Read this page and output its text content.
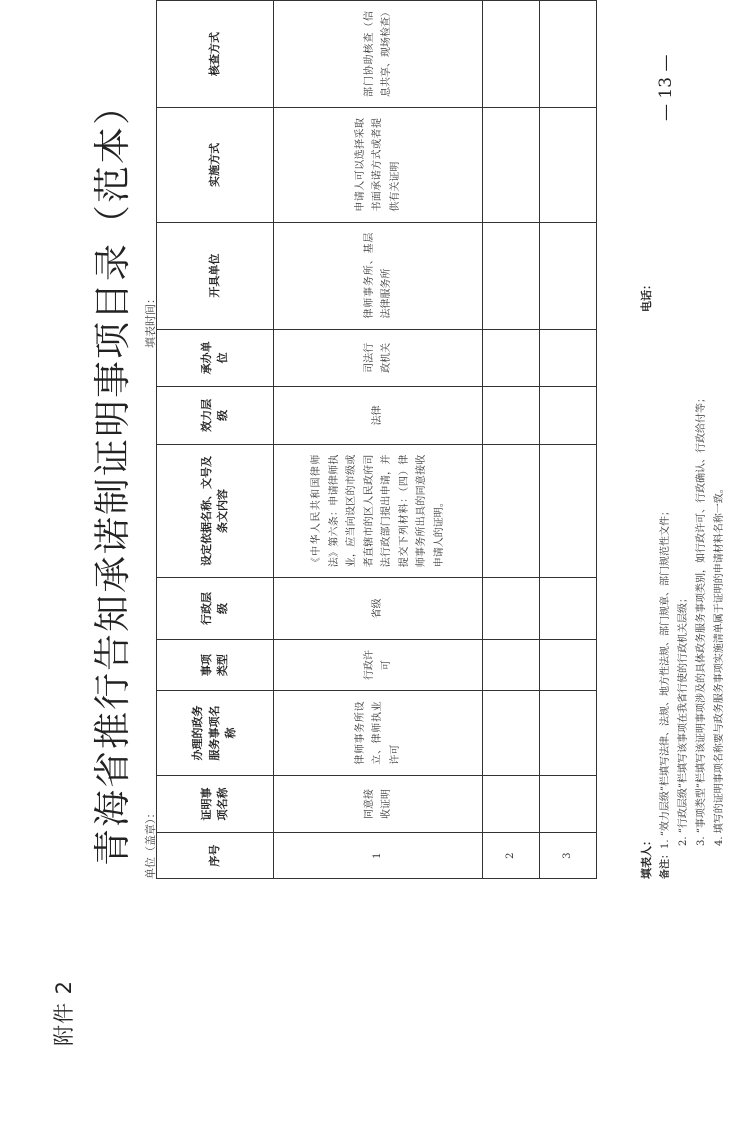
附件 2
青海省推行告知承诺制证明事项目录（范本） 单位（盖章）：
填表时间：
序号	证明事项名称	办理的政务服务事项名称	事项类型	行政层级	设定依据名称、文号及条文内容	效力层级	承办单位	开具单位	实施方式	核查方式

1	同意接收证明	律师事务所设立、律师执业许可	行政许可	省级	《中华人民共和国律师法》第六条：申请律师执业，应当向设区的市级或者直辖市的区人民政府司法行政部门提出申请，并提交下列材料：（四）律师事务所出具的同意接收申请人的证明。	法律	司法行政机关	律师事务所、基层法律服务所	申请人可以选择采取书面承诺方式或者提供有关证明	部门协助核查（信息共享、现场检查）

2										

3										
											填表人：
电话：
备注：1. “效力层级”栏填写法律、法规、地方性法规、部门规章、部门规范性文件； 2. “行政层级”栏填写该事项在我省行使的行政机关层级； 3. “事项类型”栏填写该证明事项涉及的具体政务服务事项类别，如行政许可、行政确认、行政给付等； 4. 填写的证明事项名称要与政务服务事项实施清单属于证明的申请材料名称一致。
— 13 —
